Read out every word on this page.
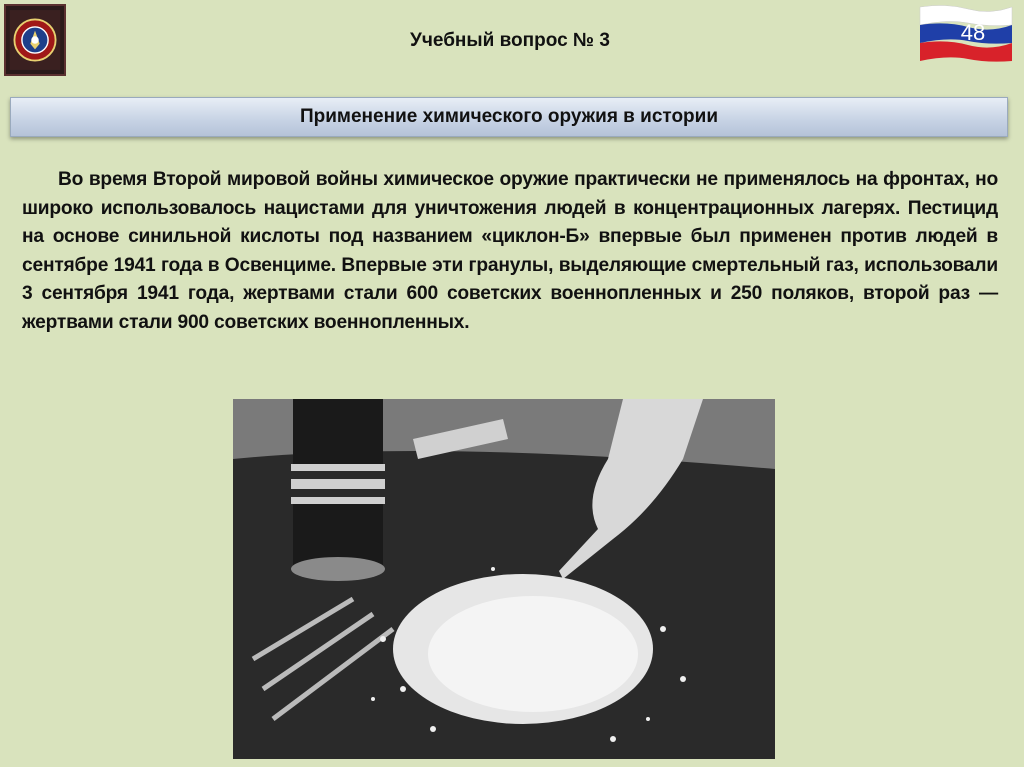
Учебный вопрос № 3	48
Применение химического оружия в истории

Во время Второй мировой войны химическое оружие практически не применялось на фронтах, но широко использовалось нацистами для уничтожения людей в концентрационных лагерях. Пестицид на основе синильной кислоты под названием «циклон-Б» впервые был применен против людей в сентябре 1941 года в Освенциме. Впервые эти гранулы, выделяющие смертельный газ, использовали 3 сентября 1941 года, жертвами стали 600 советских военнопленных и 250 поляков, второй раз — жертвами стали 900 советских военнопленных.
